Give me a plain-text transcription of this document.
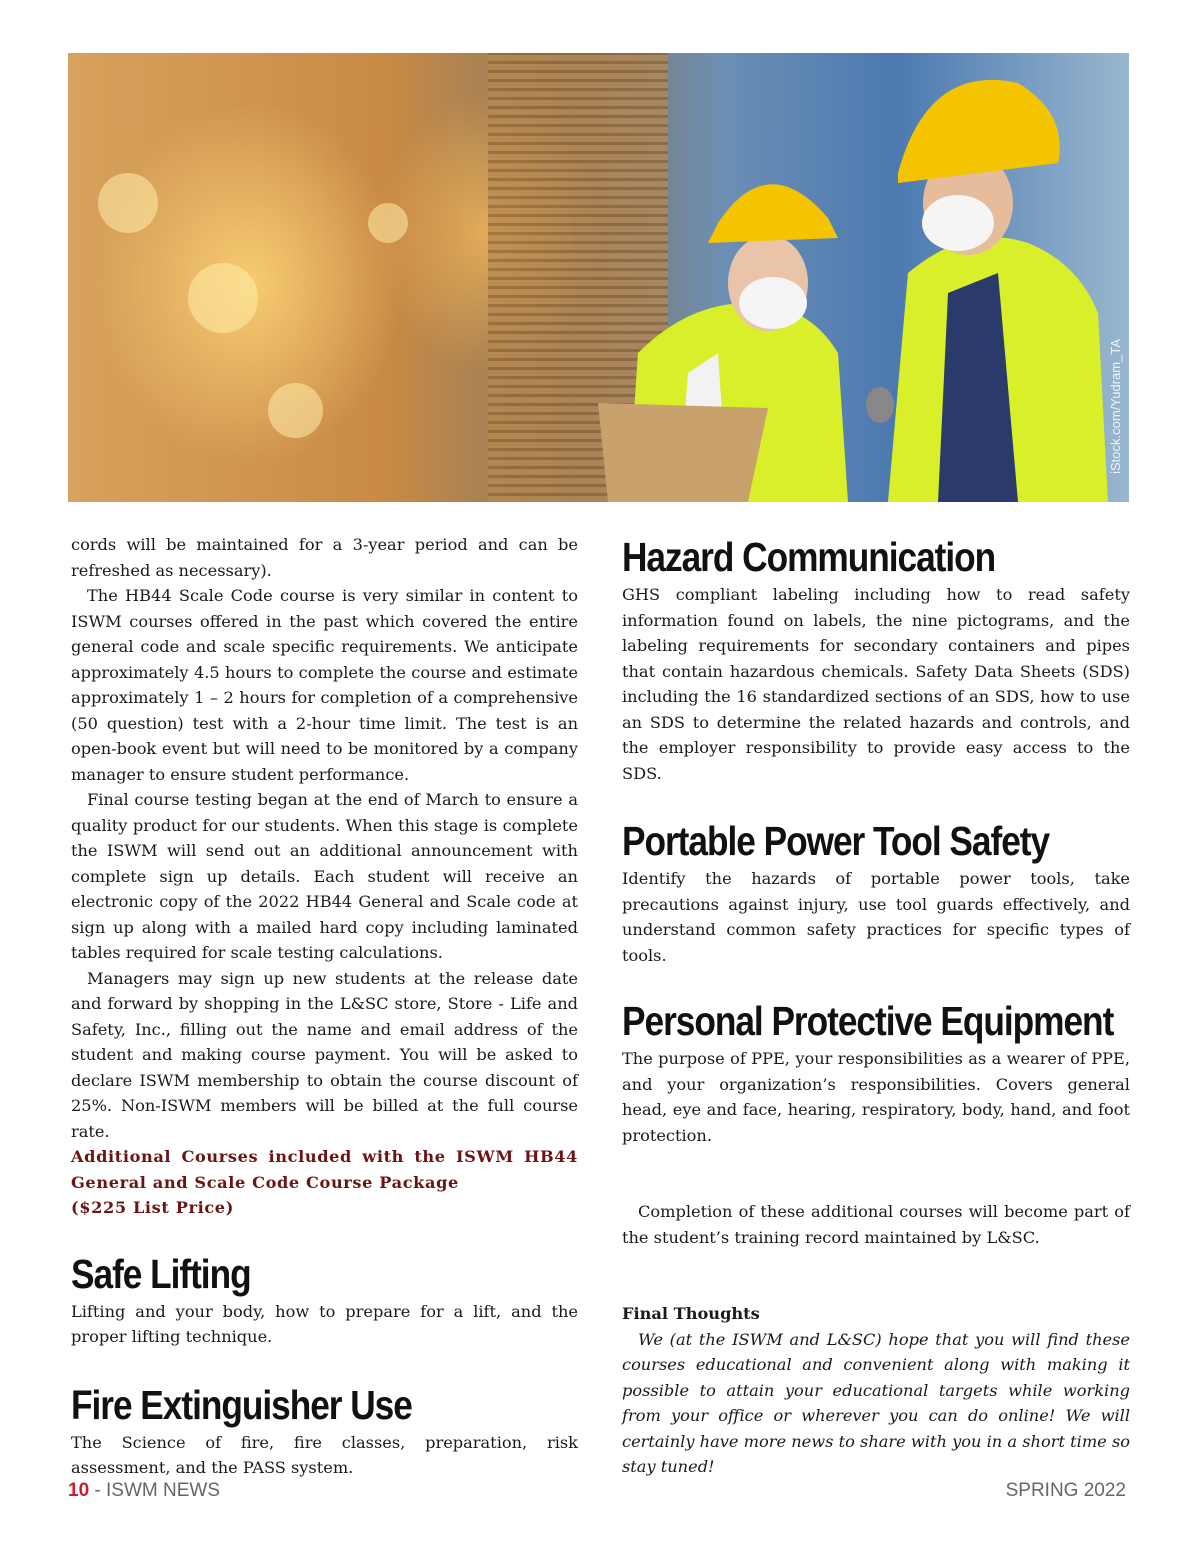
iStock.com/Yudram_TA

cords will be maintained for a 3-year period and can be refreshed as necessary).

The HB44 Scale Code course is very similar in content to ISWM courses offered in the past which covered the entire general code and scale specific requirements. We anticipate approximately 4.5 hours to complete the course and estimate approximately 1 – 2 hours for completion of a comprehensive (50 question) test with a 2-hour time limit. The test is an open-book event but will need to be monitored by a company manager to ensure student performance.

Final course testing began at the end of March to ensure a quality product for our students. When this stage is complete the ISWM will send out an additional announcement with complete sign up details. Each student will receive an electronic copy of the 2022 HB44 General and Scale code at sign up along with a mailed hard copy including laminated tables required for scale testing calculations.

Managers may sign up new students at the release date and forward by shopping in the L&SC store, Store - Life and Safety, Inc., filling out the name and email address of the student and making course payment. You will be asked to declare ISWM membership to obtain the course discount of 25%. Non-ISWM members will be billed at the full course rate.

Additional Courses included with the ISWM HB44 General and Scale Code Course Package

($225 List Price)

Safe Lifting

Lifting and your body, how to prepare for a lift, and the proper lifting technique.

Fire Extinguisher Use

The Science of fire, fire classes, preparation, risk assessment, and the PASS system.

Hazard Communication

GHS compliant labeling including how to read safety information found on labels, the nine pictograms, and the labeling requirements for secondary containers and pipes that contain hazardous chemicals. Safety Data Sheets (SDS) including the 16 standardized sections of an SDS, how to use an SDS to determine the related hazards and controls, and the employer responsibility to provide easy access to the SDS.

Portable Power Tool Safety

Identify the hazards of portable power tools, take precautions against injury, use tool guards effectively, and understand common safety practices for specific types of tools.

Personal Protective Equipment

The purpose of PPE, your responsibilities as a wearer of PPE, and your organization’s responsibilities. Covers general head, eye and face, hearing, respiratory, body, hand, and foot protection.

Completion of these additional courses will become part of the student’s training record maintained by L&SC.

Final Thoughts

We (at the ISWM and L&SC) hope that you will find these courses educational and convenient along with making it possible to attain your educational targets while working from your office or wherever you can do online! We will certainly have more news to share with you in a short time so stay tuned!

10 - ISWM NEWS	SPRING 2022
